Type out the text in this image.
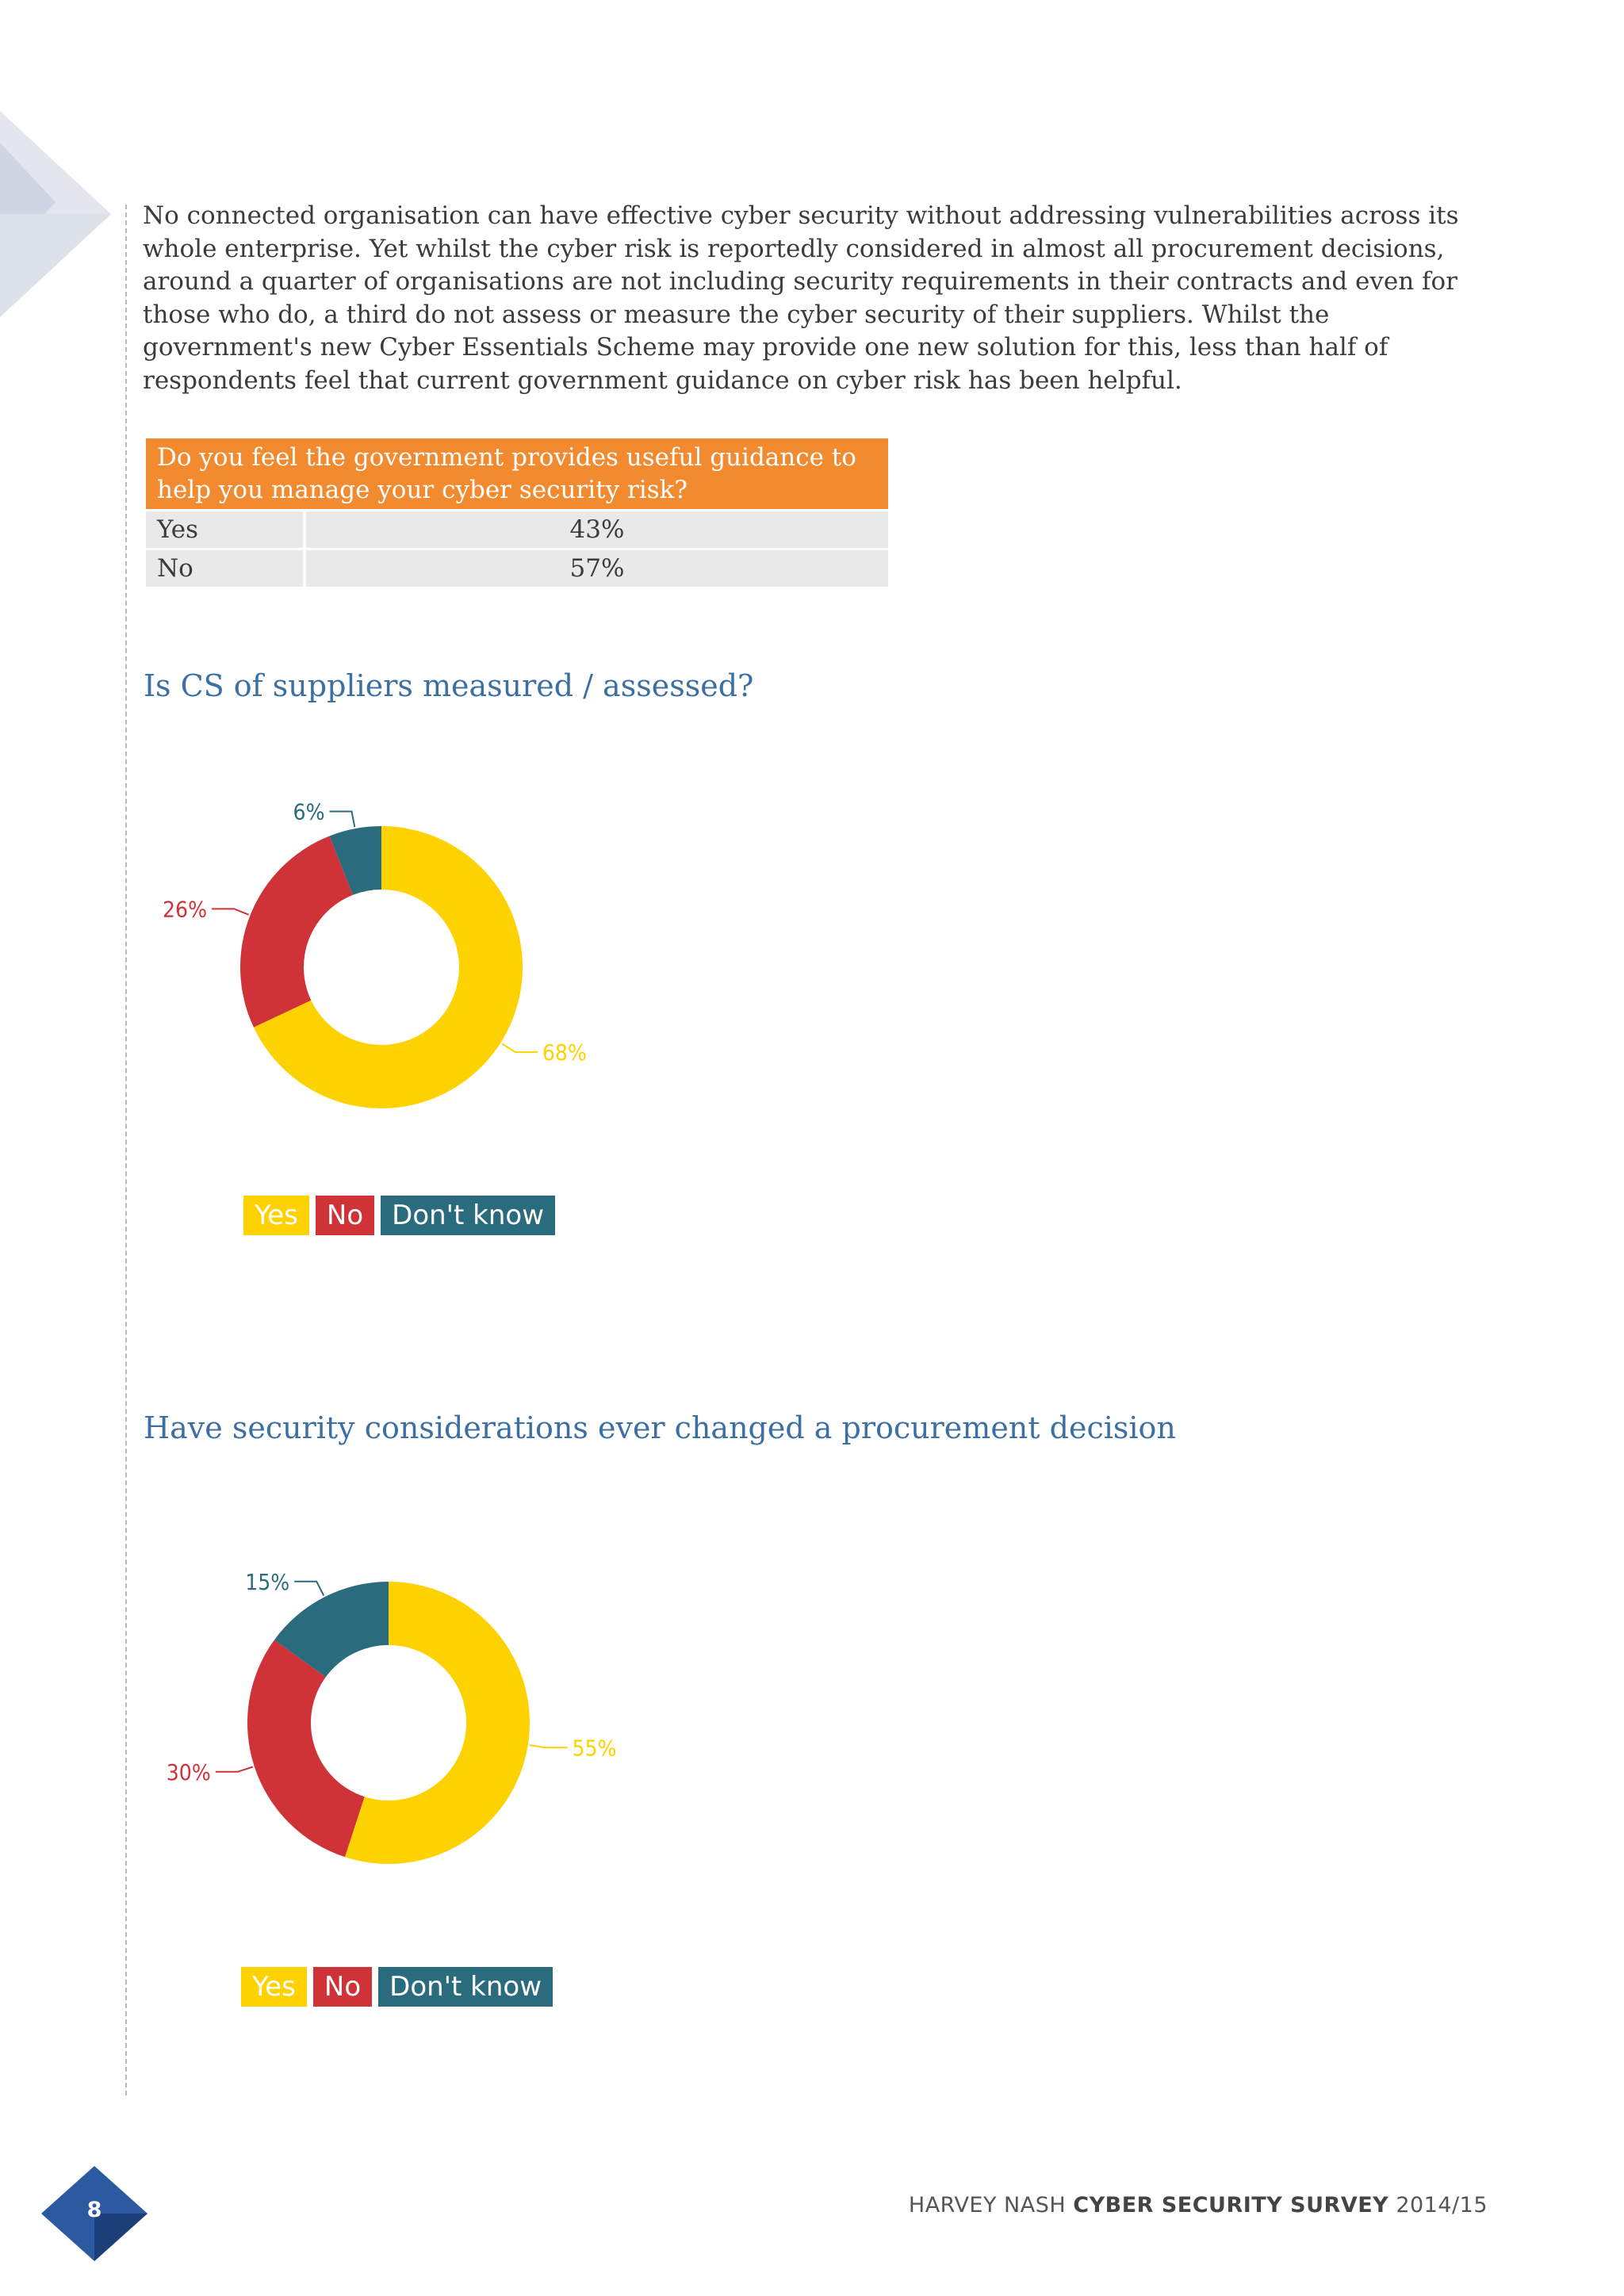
No connected organisation can have effective cyber security without addressing vulnerabilities across its whole enterprise. Yet whilst the cyber risk is reportedly considered in almost all procurement decisions, around a quarter of organisations are not including security requirements in their contracts and even for those who do, a third do not assess or measure the cyber security of their suppliers. Whilst the government's new Cyber Essentials Scheme may provide one new solution for this, less than half of respondents feel that current government guidance on cyber risk has been helpful.

Do you feel the government provides useful guidance to help you manage your cyber security risk?	
Yes	43%
No	57%
Is CS of suppliers measured / assessed?
68%
26%
6%
Yes	No	Don't know
Have security considerations ever changed a procurement decision
55%
30%
15%
Yes	No	Don't know
8	HARVEY NASH CYBER SECURITY SURVEY 2014/15
